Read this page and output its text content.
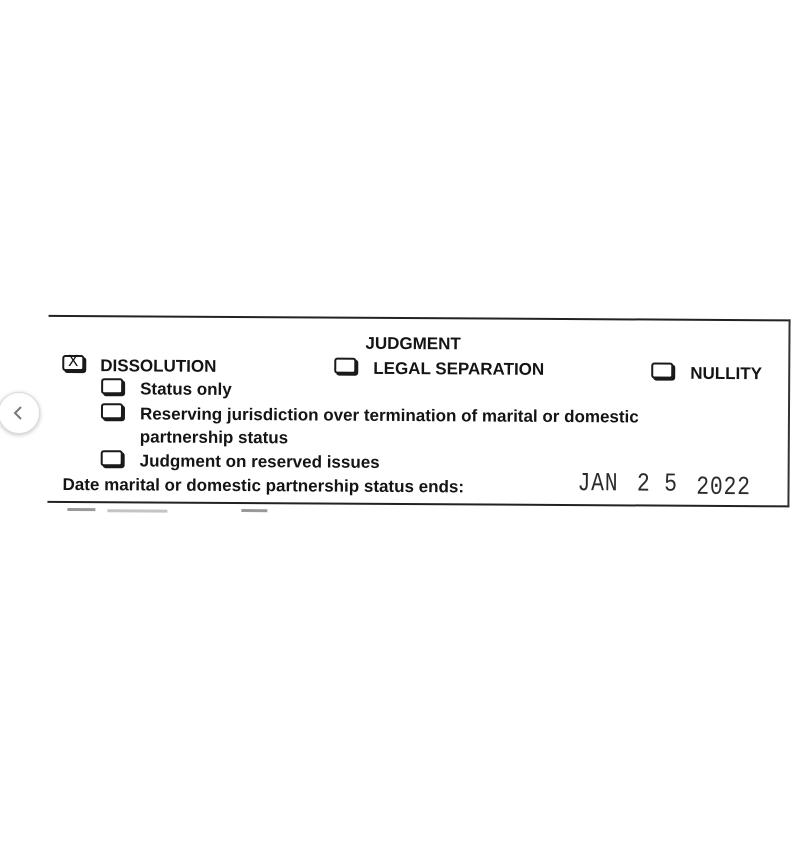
JUDGMENT
X DISSOLUTION	LEGAL SEPARATION	NULLITY
Status only
Reserving jurisdiction over termination of marital or domestic
partnership status
Judgment on reserved issues
Date marital or domestic partnership status ends:	JAN 2 5 2022
